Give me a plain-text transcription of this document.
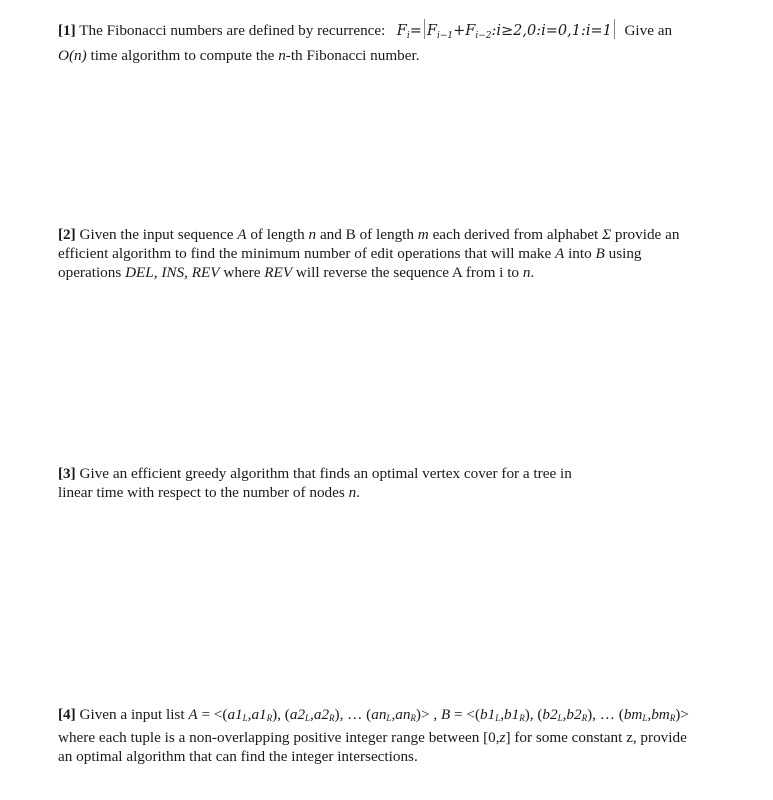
[1] The Fibonacci numbers are defined by recurrence: $F_i=$ $F_{i-1}+F_{i-2}:i\ge 2,0:i=0,1:i=1$ Give an
O(n) time algorithm to compute the n-th Fibonacci number.
[2] Given the input sequence A of length n and B of length m each derived from alphabet Σ provide an
efficient algorithm to find the minimum number of edit operations that will make A into B using
operations DEL, INS, REV where REV will reverse the sequence A from i to n.
[3] Give an efficient greedy algorithm that finds an optimal vertex cover for a tree in
linear time with respect to the number of nodes n.
[4] Given a input list A = <(a1L,a1R), (a2L,a2R), … (anL,anR)> , B = <(b1L,b1R), (b2L,b2R), … (bmL,bmR)>
where each tuple is a non-overlapping positive integer range between [0,z] for some constant z, provide
an optimal algorithm that can find the integer intersections.
